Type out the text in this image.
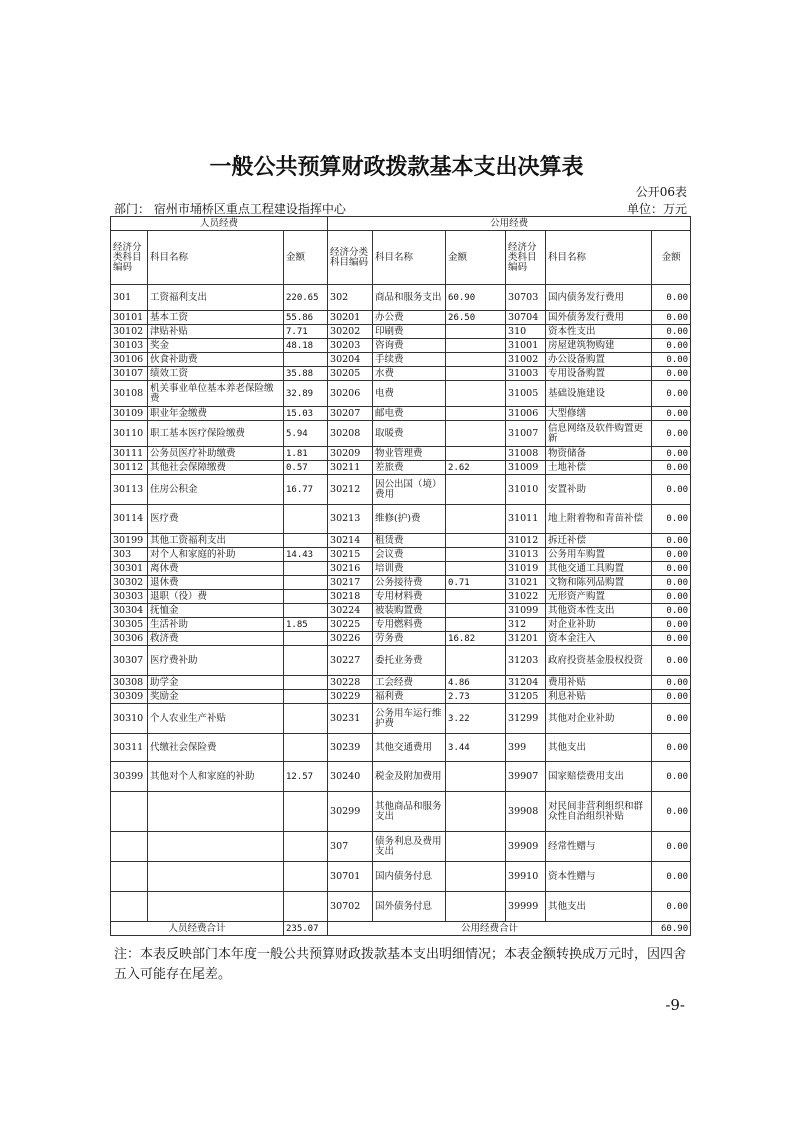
一般公共预算财政拨款基本支出决算表
公开06表
部门： 宿州市埇桥区重点工程建设指挥中心	单位：万元
人员经费			公用经费					
经济分类科目编码	科目名称	金额	经济分类科目编码	科目名称	金额	经济分类科目编码	科目名称	金额
301	工资福利支出	220.65	302	商品和服务支出	60.90	30703	国内债务发行费用	0.00
30101	基本工资	55.86	30201	办公费	26.50	30704	国外债务发行费用	0.00
30102	津贴补贴	7.71	30202	印刷费		310	资本性支出	0.00
30103	奖金	48.18	30203	咨询费		31001	房屋建筑物购建	0.00
30106	伙食补助费		30204	手续费		31002	办公设备购置	0.00
30107	绩效工资	35.88	30205	水费		31003	专用设备购置	0.00
30108	机关事业单位基本养老保险缴费	32.89	30206	电费		31005	基础设施建设	0.00
30109	职业年金缴费	15.03	30207	邮电费		31006	大型修缮	0.00
30110	职工基本医疗保险缴费	5.94	30208	取暖费		31007	信息网络及软件购置更新	0.00
30111	公务员医疗补助缴费	1.81	30209	物业管理费		31008	物资储备	0.00
30112	其他社会保障缴费	0.57	30211	差旅费	2.62	31009	土地补偿	0.00
30113	住房公积金	16.77	30212	因公出国（境）费用		31010	安置补助	0.00
30114	医疗费		30213	维修(护)费		31011	地上附着物和青苗补偿	0.00
30199	其他工资福利支出		30214	租赁费		31012	拆迁补偿	0.00
303	对个人和家庭的补助	14.43	30215	会议费		31013	公务用车购置	0.00
30301	离休费		30216	培训费		31019	其他交通工具购置	0.00
30302	退休费		30217	公务接待费	0.71	31021	文物和陈列品购置	0.00
30303	退职（役）费		30218	专用材料费		31022	无形资产购置	0.00
30304	抚恤金		30224	被装购置费		31099	其他资本性支出	0.00
30305	生活补助	1.85	30225	专用燃料费		312	对企业补助	0.00
30306	救济费		30226	劳务费	16.82	31201	资本金注入	0.00
30307	医疗费补助		30227	委托业务费		31203	政府投资基金股权投资	0.00
30308	助学金		30228	工会经费	4.86	31204	费用补贴	0.00
30309	奖励金		30229	福利费	2.73	31205	利息补贴	0.00
30310	个人农业生产补贴		30231	公务用车运行维护费	3.22	31299	其他对企业补助	0.00
30311	代缴社会保险费		30239	其他交通费用	3.44	399	其他支出	0.00
30399	其他对个人和家庭的补助	12.57	30240	税金及附加费用		39907	国家赔偿费用支出	0.00
			30299	其他商品和服务支出		39908	对民间非营利组织和群众性自治组织补贴	0.00
			307	债务利息及费用支出		39909	经常性赠与	0.00
			30701	国内债务付息		39910	资本性赠与	0.00
			30702	国外债务付息		39999	其他支出	0.00
人员经费合计		235.07	公用经费合计					60.90
注：本表反映部门本年度一般公共预算财政拨款基本支出明细情况；本表金额转换成万元时，因四舍五入可能存在尾差。
-9-
